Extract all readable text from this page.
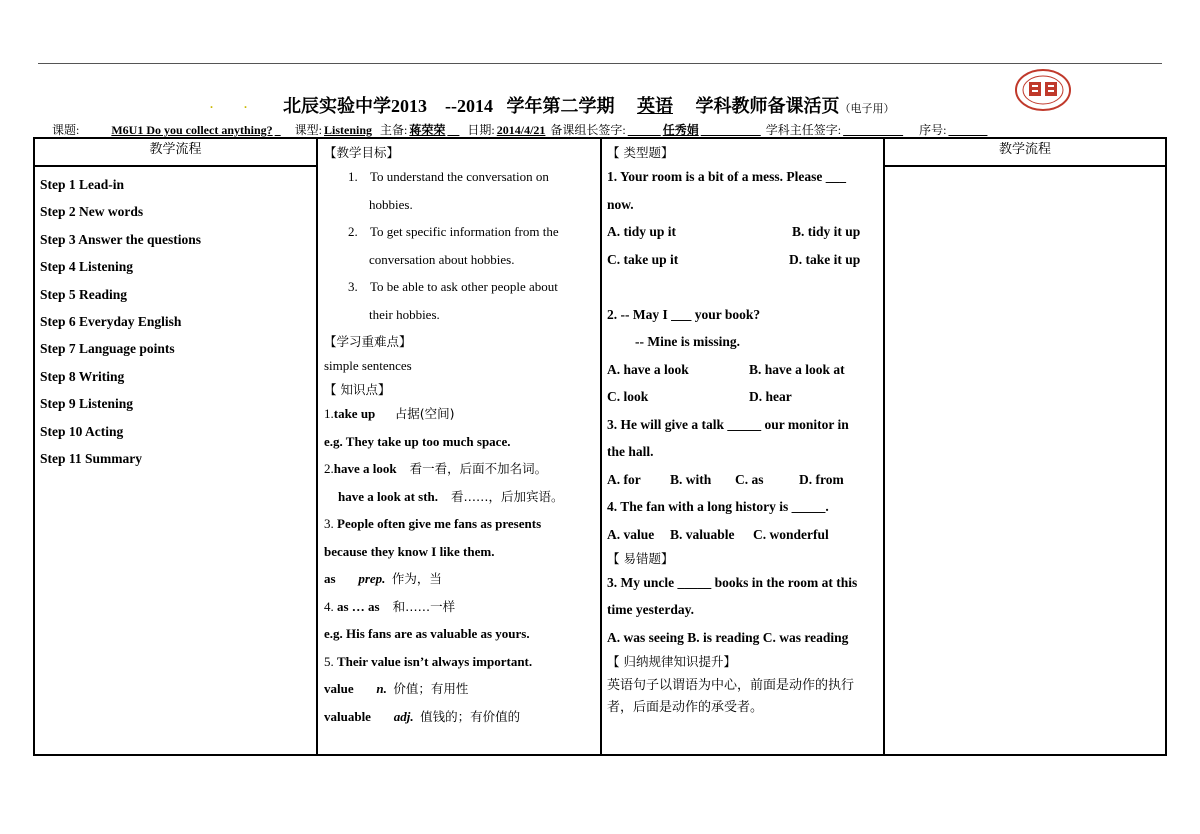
. . 北辰实验中学2013 --2014 学年第二学期 英语 学科教师备课活页（电子用）
课题:	M6U1 Do you collect anything? 课型: Listening 主备: 蒋荣荣 日期: 2014/4/21 备课组长签字:	任秀娟	学科主任签字:	序号:
教学流程
Step 1 Lead-in
Step 2 New words
Step 3 Answer the questions
Step 4 Listening
Step 5 Reading
Step 6 Everyday English
Step 7 Language points
Step 8 Writing
Step 9 Listening
Step 10 Acting
Step 11 Summary
【教学目标】
1. To understand the conversation on
hobbies.
2. To get specific information from the
conversation about hobbies.
3. To be able to ask other people about
their hobbies.
【学习重难点】
simple sentences
【 知识点】
1.take up 占据(空间)
e.g. They take up too much space.
2.have a look 看一看，后面不加名词。
have a look at sth. 看……，后加宾语。
3. People often give me fans as presents
because they know I like them.
as prep. 作为，当
4. as … as 和……一样
e.g. His fans are as valuable as yours.
5. Their value isn’t always important.
value n. 价值；有用性
valuable adj. 值钱的；有价值的
【 类型题】
1. Your room is a bit of a mess. Please ___
now.
A. tidy up it	B. tidy it up
C. take up it	D. take it up
2. -- May I ___ your book?
-- Mine is missing.
A. have a look	B. have a look at
C. look	D. hear
3. He will give a talk _____ our monitor in
the hall.
A. for B. with C. as	D. from
4. The fan with a long history is _____.
A. value B. valuable C. wonderful
【 易错题】
3. My uncle _____ books in the room at this
time yesterday.
A. was seeing B. is reading C. was reading
【 归纳规律知识提升】
英语句子以谓语为中心，前面是动作的执行者，后面是动作的承受者。
教学流程
